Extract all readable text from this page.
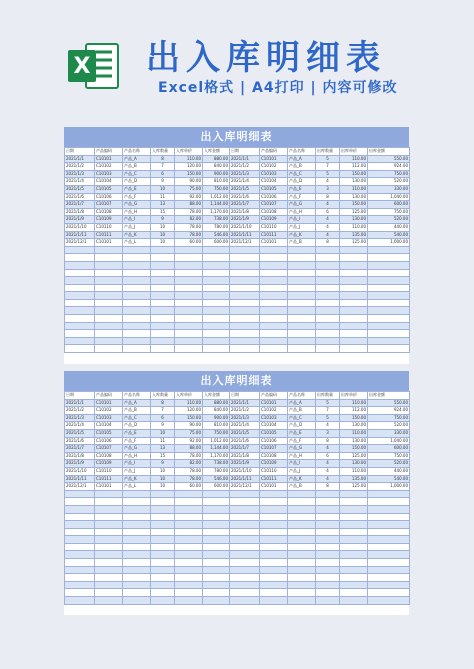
X 出入库明细表
Excel格式 | A4打印 | 内容可修改
出入库明细表
日期	产品编码	产品名称	入库数量	入库单价	入库金额	日期	产品编码	产品名称	出库数量	出库单价	出库金额
2021/1/1	C10101	产品_A	8	110.00	880.00	2021/1/1	C10101	产品_A	5	110.00	550.00
2021/1/2	C10102	产品_B	7	120.00	840.00	2021/1/2	C10102	产品_B	7	112.00	924.00
2021/1/3	C10103	产品_C	6	150.00	900.00	2021/1/3	C10103	产品_C	5	150.00	750.00
2021/1/4	C10104	产品_D	9	90.00	810.00	2021/1/4	C10104	产品_D	4	130.00	520.00
2021/1/5	C10105	产品_E	10	75.00	750.00	2021/1/5	C10105	产品_E	3	110.00	330.00
2021/1/6	C10106	产品_F	11	92.00	1,012.00	2021/1/6	C10106	产品_F	8	130.00	1,040.00
2021/1/7	C10107	产品_G	13	88.00	1,144.00	2021/1/7	C10107	产品_G	4	150.00	600.00
2021/1/8	C10108	产品_H	15	78.00	1,170.00	2021/1/8	C10108	产品_H	6	125.00	750.00
2021/1/9	C10109	产品_I	9	82.00	738.00	2021/1/9	C10109	产品_I	4	130.00	520.00
2021/1/10	C10110	产品_J	10	78.00	780.00	2021/1/10	C10110	产品_J	4	110.00	440.00
2021/1/11	C10111	产品_K	10	78.00	546.00	2021/1/11	C10111	产品_K	4	135.00	540.00
2021/12/1	C10101	产品_L	10	60.00	600.00	2021/12/1	C10101	产品_B	8	125.00	1,000.00

出入库明细表
日期	产品编码	产品名称	入库数量	入库单价	入库金额	日期	产品编码	产品名称	出库数量	出库单价	出库金额
2021/1/1	C10101	产品_A	8	110.00	880.00	2021/1/1	C10101	产品_A	5	110.00	550.00
2021/1/2	C10102	产品_B	7	120.00	840.00	2021/1/2	C10102	产品_B	7	112.00	924.00
2021/1/3	C10103	产品_C	6	150.00	900.00	2021/1/3	C10103	产品_C	5	150.00	750.00
2021/1/4	C10104	产品_D	9	90.00	810.00	2021/1/4	C10104	产品_D	4	130.00	520.00
2021/1/5	C10105	产品_E	10	75.00	750.00	2021/1/5	C10105	产品_E	3	110.00	330.00
2021/1/6	C10106	产品_F	11	92.00	1,012.00	2021/1/6	C10106	产品_F	8	130.00	1,040.00
2021/1/7	C10107	产品_G	13	88.00	1,144.00	2021/1/7	C10107	产品_G	4	150.00	600.00
2021/1/8	C10108	产品_H	15	78.00	1,170.00	2021/1/8	C10108	产品_H	6	125.00	750.00
2021/1/9	C10109	产品_I	9	82.00	738.00	2021/1/9	C10109	产品_I	4	130.00	520.00
2021/1/10	C10110	产品_J	10	78.00	780.00	2021/1/10	C10110	产品_J	4	110.00	440.00
2021/1/11	C10111	产品_K	10	78.00	546.00	2021/1/11	C10111	产品_K	4	135.00	540.00
2021/12/1	C10101	产品_L	10	60.00	600.00	2021/12/1	C10101	产品_B	8	125.00	1,000.00
